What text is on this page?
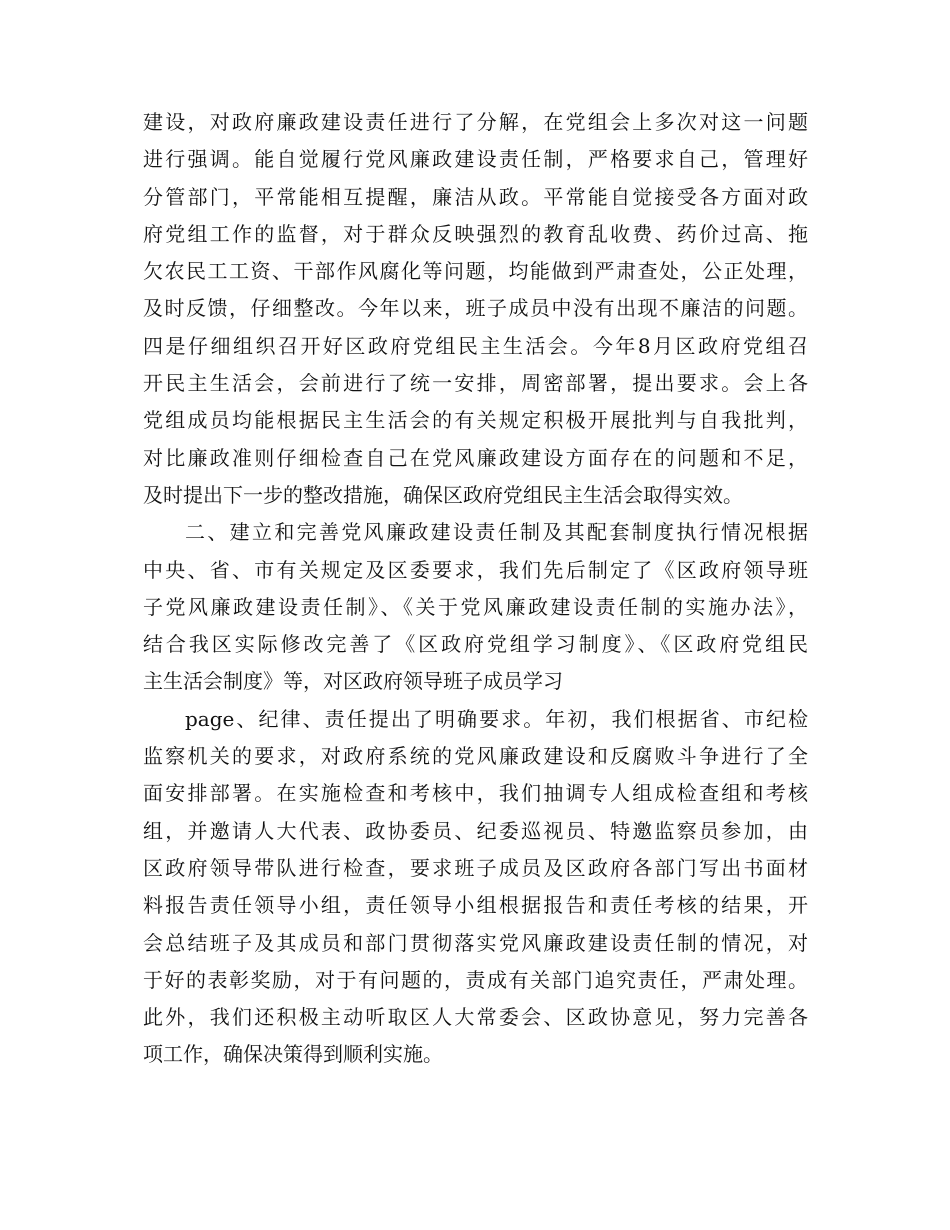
建设，对政府廉政建设责任进行了分解，在党组会上多次对这一问题
进行强调。能自觉履行党风廉政建设责任制，严格要求自己，管理好
分管部门，平常能相互提醒，廉洁从政。平常能自觉接受各方面对政
府党组工作的监督，对于群众反映强烈的教育乱收费、药价过高、拖
欠农民工工资、干部作风腐化等问题，均能做到严肃查处，公正处理，
及时反馈，仔细整改。今年以来，班子成员中没有出现不廉洁的问题。
四是仔细组织召开好区政府党组民主生活会。今年8月区政府党组召
开民主生活会，会前进行了统一安排，周密部署，提出要求。会上各
党组成员均能根据民主生活会的有关规定积极开展批判与自我批判，
对比廉政准则仔细检查自己在党风廉政建设方面存在的问题和不足，
及时提出下一步的整改措施，确保区政府党组民主生活会取得实效。
二、建立和完善党风廉政建设责任制及其配套制度执行情况根据
中央、省、市有关规定及区委要求，我们先后制定了《区政府领导班
子党风廉政建设责任制》、《关于党风廉政建设责任制的实施办法》，
结合我区实际修改完善了《区政府党组学习制度》、《区政府党组民
主生活会制度》等，对区政府领导班子成员学习
page、纪律、责任提出了明确要求。年初，我们根据省、市纪检
监察机关的要求，对政府系统的党风廉政建设和反腐败斗争进行了全
面安排部署。在实施检查和考核中，我们抽调专人组成检查组和考核
组，并邀请人大代表、政协委员、纪委巡视员、特邀监察员参加，由
区政府领导带队进行检查，要求班子成员及区政府各部门写出书面材
料报告责任领导小组，责任领导小组根据报告和责任考核的结果，开
会总结班子及其成员和部门贯彻落实党风廉政建设责任制的情况，对
于好的表彰奖励，对于有问题的，责成有关部门追究责任，严肃处理。
此外，我们还积极主动听取区人大常委会、区政协意见，努力完善各
项工作，确保决策得到顺利实施。
